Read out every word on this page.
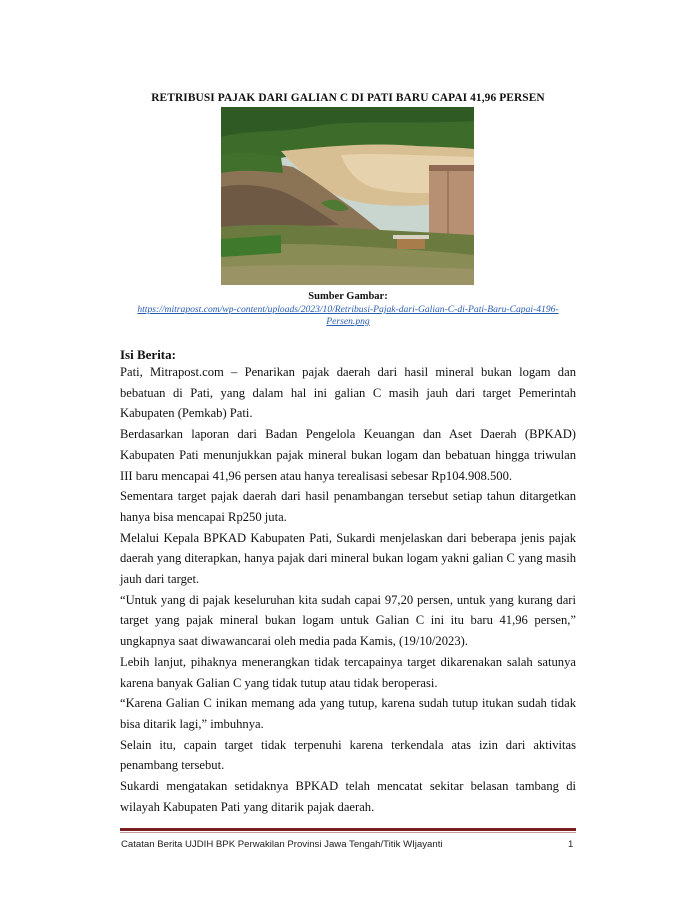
RETRIBUSI PAJAK DARI GALIAN C DI PATI BARU CAPAI 41,96 PERSEN
Sumber Gambar:
https://mitrapost.com/wp-content/uploads/2023/10/Retribusi-Pajak-dari-Galian-C-di-Pati-Baru-Capai-4196-Persen.png
Isi Berita:

Pati, Mitrapost.com – Penarikan pajak daerah dari hasil mineral bukan logam dan bebatuan di Pati, yang dalam hal ini galian C masih jauh dari target Pemerintah Kabupaten (Pemkab) Pati.

Berdasarkan laporan dari Badan Pengelola Keuangan dan Aset Daerah (BPKAD) Kabupaten Pati menunjukkan pajak mineral bukan logam dan bebatuan hingga triwulan III baru mencapai 41,96 persen atau hanya terealisasi sebesar Rp104.908.500.

Sementara target pajak daerah dari hasil penambangan tersebut setiap tahun ditargetkan hanya bisa mencapai Rp250 juta.

Melalui Kepala BPKAD Kabupaten Pati, Sukardi menjelaskan dari beberapa jenis pajak daerah yang diterapkan, hanya pajak dari mineral bukan logam yakni galian C yang masih jauh dari target.

“Untuk yang di pajak keseluruhan kita sudah capai 97,20 persen, untuk yang kurang dari target yang pajak mineral bukan logam untuk Galian C ini itu baru 41,96 persen,” ungkapnya saat diwawancarai oleh media pada Kamis, (19/10/2023).

Lebih lanjut, pihaknya menerangkan tidak tercapainya target dikarenakan salah satunya karena banyak Galian C yang tidak tutup atau tidak beroperasi.

“Karena Galian C inikan memang ada yang tutup, karena sudah tutup itukan sudah tidak bisa ditarik lagi,” imbuhnya.

Selain itu, capain target tidak terpenuhi karena terkendala atas izin dari aktivitas penambang tersebut.

Sukardi mengatakan setidaknya BPKAD telah mencatat sekitar belasan tambang di wilayah Kabupaten Pati yang ditarik pajak daerah.

Catatan Berita UJDIH BPK Perwakilan Provinsi Jawa Tengah/Titik WIjayanti	1
